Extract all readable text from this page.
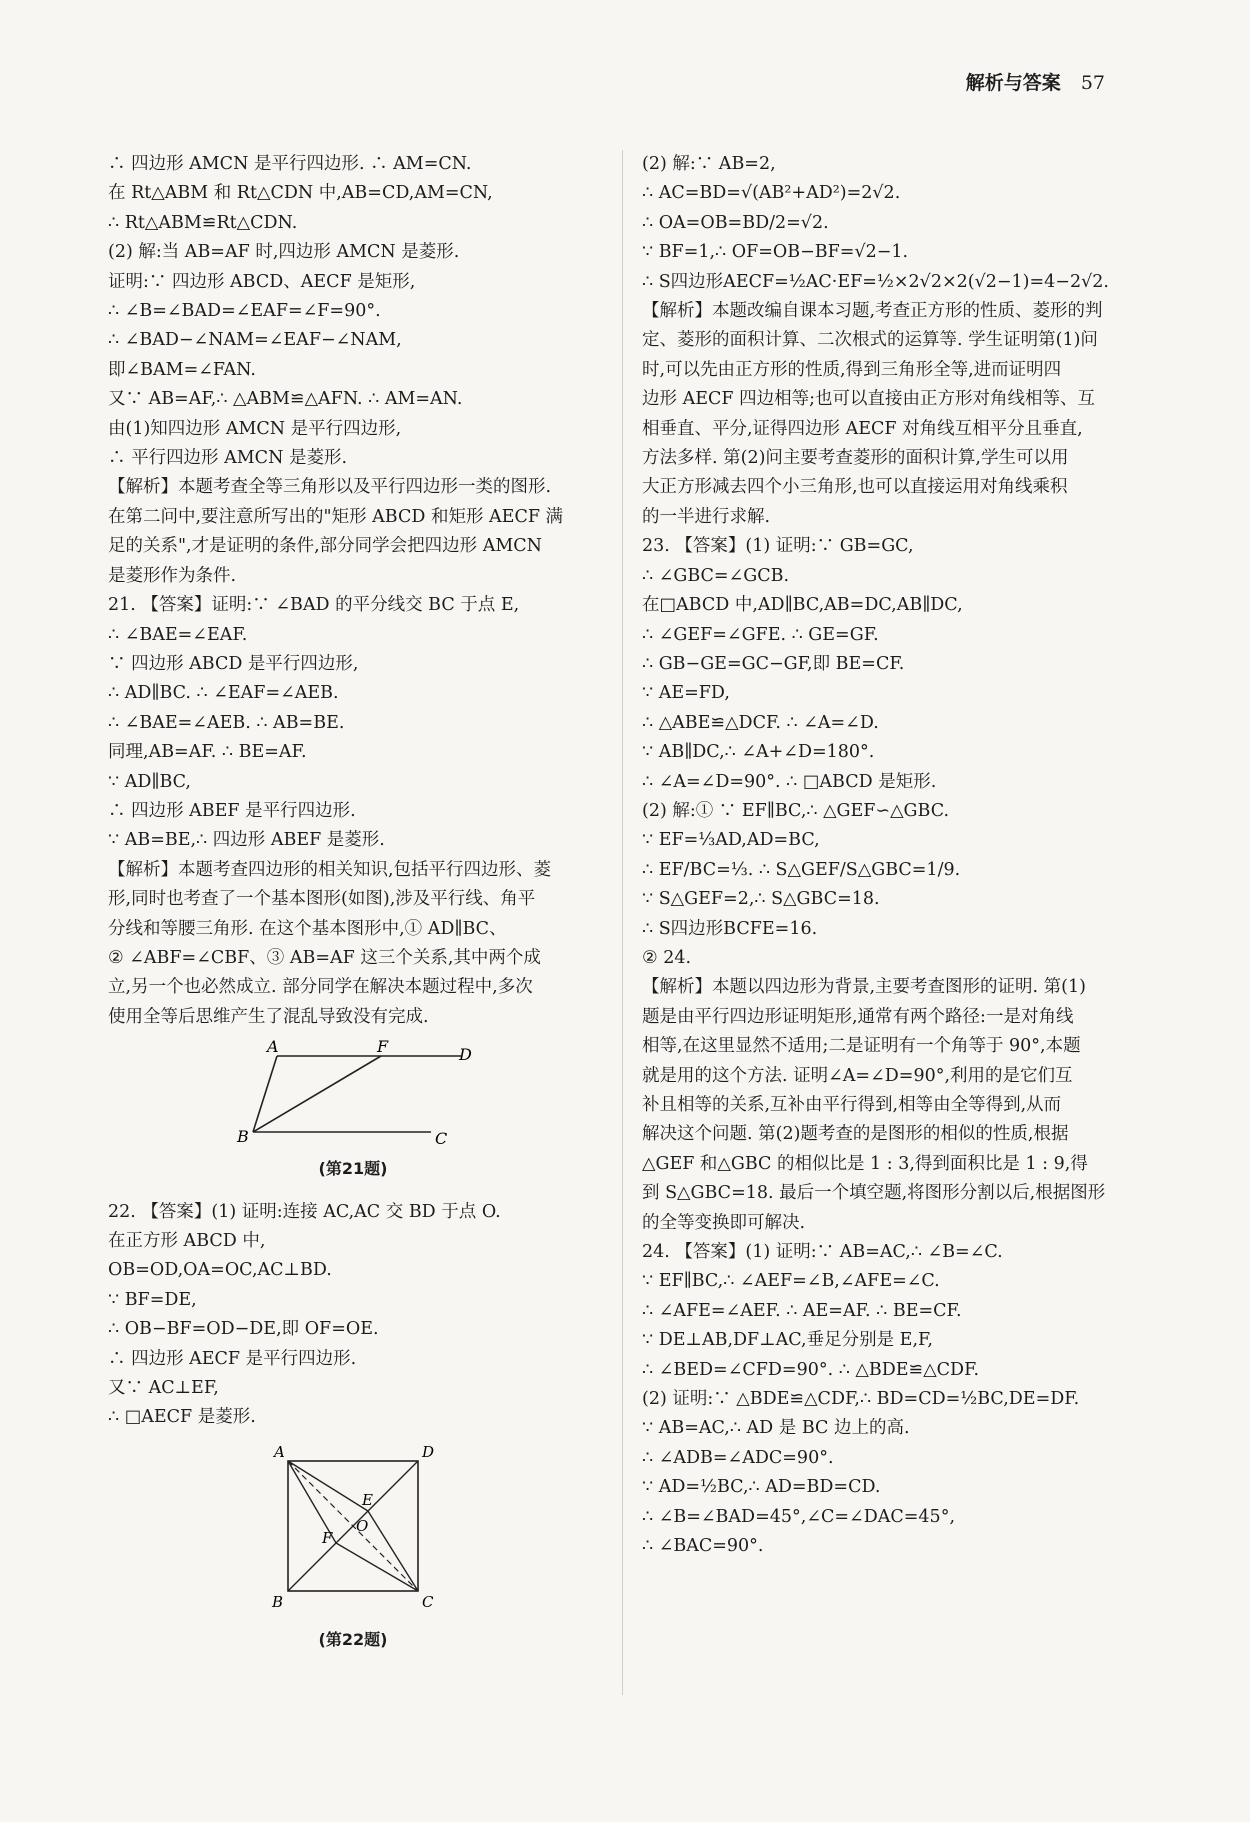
解析与答案 57
∴ 四边形 AMCN 是平行四边形. ∴ AM=CN.
在 Rt△ABM 和 Rt△CDN 中,AB=CD,AM=CN,
∴ Rt△ABM≌Rt△CDN.
(2) 解:当 AB=AF 时,四边形 AMCN 是菱形.
证明:∵ 四边形 ABCD、AECF 是矩形,
∴ ∠B=∠BAD=∠EAF=∠F=90°.
∴ ∠BAD−∠NAM=∠EAF−∠NAM,
即∠BAM=∠FAN.
又∵ AB=AF,∴ △ABM≌△AFN. ∴ AM=AN.
由(1)知四边形 AMCN 是平行四边形,
∴ 平行四边形 AMCN 是菱形.
【解析】本题考查全等三角形以及平行四边形一类的图形.
在第二问中,要注意所写出的"矩形 ABCD 和矩形 AECF 满
足的关系",才是证明的条件,部分同学会把四边形 AMCN
是菱形作为条件.
21. 【答案】证明:∵ ∠BAD 的平分线交 BC 于点 E,
∴ ∠BAE=∠EAF.
∵ 四边形 ABCD 是平行四边形,
∴ AD∥BC. ∴ ∠EAF=∠AEB.
∴ ∠BAE=∠AEB. ∴ AB=BE.
同理,AB=AF. ∴ BE=AF.
∵ AD∥BC,
∴ 四边形 ABEF 是平行四边形.
∵ AB=BE,∴ 四边形 ABEF 是菱形.
【解析】本题考查四边形的相关知识,包括平行四边形、菱
形,同时也考查了一个基本图形(如图),涉及平行线、角平
分线和等腰三角形. 在这个基本图形中,① AD∥BC、
② ∠ABF=∠CBF、③ AB=AF 这三个关系,其中两个成
立,另一个也必然成立. 部分同学在解决本题过程中,多次
使用全等后思维产生了混乱导致没有完成.
A	F	D
B	C
(第21题)
22. 【答案】(1) 证明:连接 AC,AC 交 BD 于点 O.
在正方形 ABCD 中,
OB=OD,OA=OC,AC⊥BD.
∵ BF=DE,
∴ OB−BF=OD−DE,即 OF=OE.
∴ 四边形 AECF 是平行四边形.
又∵ AC⊥EF,
∴ □AECF 是菱形.
A	D
B	C
E
F
O
(第22题)
(2) 解:∵ AB=2,
∴ AC=BD=√(AB²+AD²)=2√2.
∴ OA=OB=BD/2=√2.
∵ BF=1,∴ OF=OB−BF=√2−1.
∴ S四边形AECF=½AC·EF=½×2√2×2(√2−1)=4−2√2.
【解析】本题改编自课本习题,考查正方形的性质、菱形的判
定、菱形的面积计算、二次根式的运算等. 学生证明第(1)问
时,可以先由正方形的性质,得到三角形全等,进而证明四
边形 AECF 四边相等;也可以直接由正方形对角线相等、互
相垂直、平分,证得四边形 AECF 对角线互相平分且垂直,
方法多样. 第(2)问主要考查菱形的面积计算,学生可以用
大正方形减去四个小三角形,也可以直接运用对角线乘积
的一半进行求解.
23. 【答案】(1) 证明:∵ GB=GC,
∴ ∠GBC=∠GCB.
在□ABCD 中,AD∥BC,AB=DC,AB∥DC,
∴ ∠GEF=∠GFE. ∴ GE=GF.
∴ GB−GE=GC−GF,即 BE=CF.
∵ AE=FD,
∴ △ABE≌△DCF. ∴ ∠A=∠D.
∵ AB∥DC,∴ ∠A+∠D=180°.
∴ ∠A=∠D=90°. ∴ □ABCD 是矩形.
(2) 解:① ∵ EF∥BC,∴ △GEF∽△GBC.
∵ EF=⅓AD,AD=BC,
∴ EF/BC=⅓. ∴ S△GEF/S△GBC=1/9.
∵ S△GEF=2,∴ S△GBC=18.
∴ S四边形BCFE=16.
② 24.
【解析】本题以四边形为背景,主要考查图形的证明. 第(1)
题是由平行四边形证明矩形,通常有两个路径:一是对角线
相等,在这里显然不适用;二是证明有一个角等于 90°,本题
就是用的这个方法. 证明∠A=∠D=90°,利用的是它们互
补且相等的关系,互补由平行得到,相等由全等得到,从而
解决这个问题. 第(2)题考查的是图形的相似的性质,根据
△GEF 和△GBC 的相似比是 1 : 3,得到面积比是 1 : 9,得
到 S△GBC=18. 最后一个填空题,将图形分割以后,根据图形
的全等变换即可解决.
24. 【答案】(1) 证明:∵ AB=AC,∴ ∠B=∠C.
∵ EF∥BC,∴ ∠AEF=∠B,∠AFE=∠C.
∴ ∠AFE=∠AEF. ∴ AE=AF. ∴ BE=CF.
∵ DE⊥AB,DF⊥AC,垂足分别是 E,F,
∴ ∠BED=∠CFD=90°. ∴ △BDE≌△CDF.
(2) 证明:∵ △BDE≌△CDF,∴ BD=CD=½BC,DE=DF.
∵ AB=AC,∴ AD 是 BC 边上的高.
∴ ∠ADB=∠ADC=90°.
∵ AD=½BC,∴ AD=BD=CD.
∴ ∠B=∠BAD=45°,∠C=∠DAC=45°,
∴ ∠BAC=90°.
